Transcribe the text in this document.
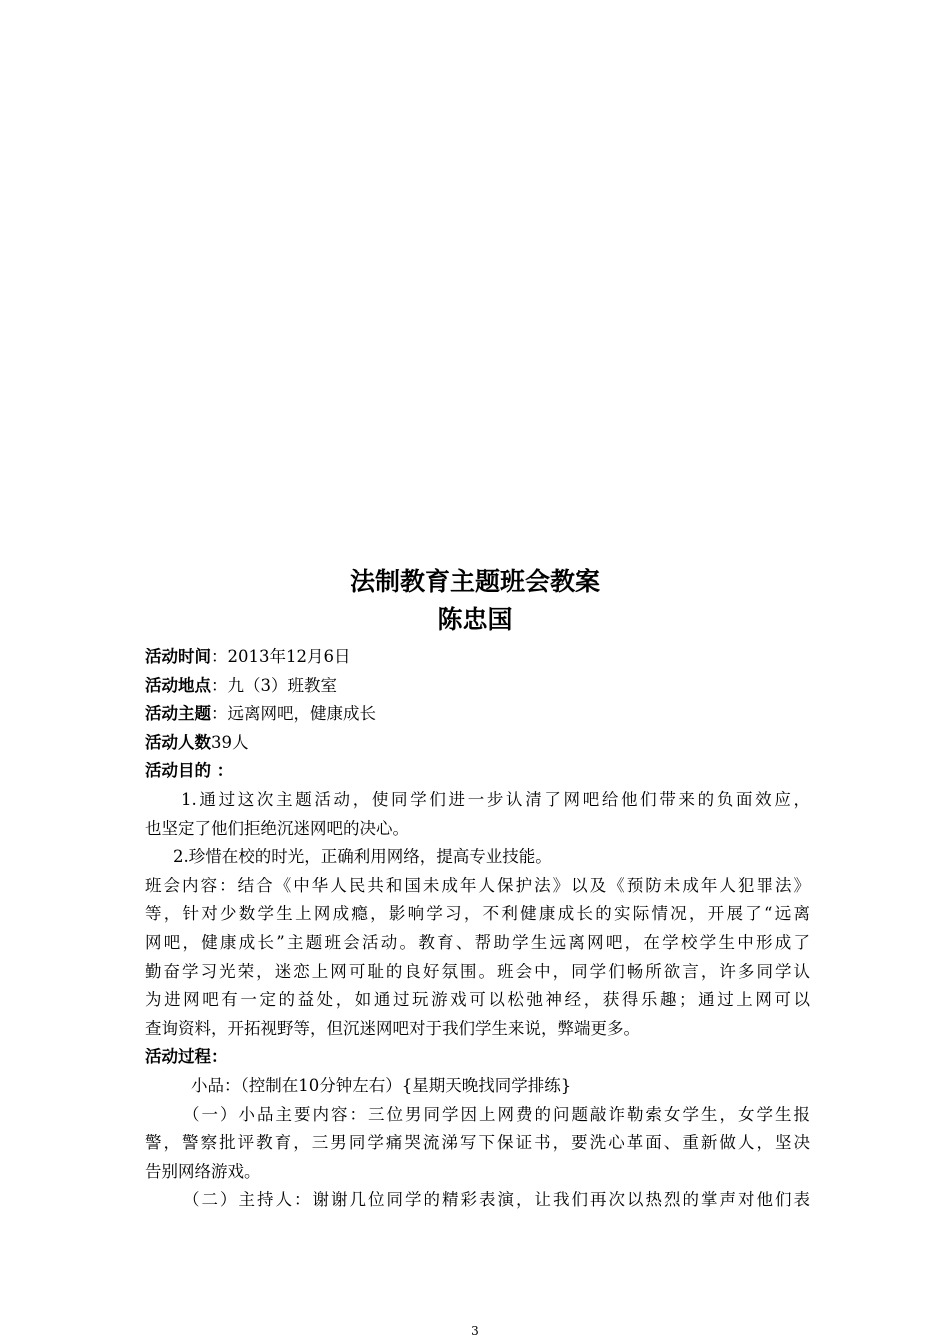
法制教育主题班会教案
陈忠国

活动时间：2013年12月6日

活动地点：九（3）班教室

活动主题：远离网吧，健康成长

活动人数39人

活动目的 ：

1.通过这次主题活动，使同学们进一步认清了网吧给他们带来的负面效应，

也坚定了他们拒绝沉迷网吧的决心。

2.珍惜在校的时光，正确利用网络，提高专业技能。

班会内容：结合《中华人民共和国未成年人保护法》以及《预防未成年人犯罪法》

等，针对少数学生上网成瘾，影响学习，不利健康成长的实际情况，开展了“远离

网吧，健康成长”主题班会活动。教育、帮助学生远离网吧，在学校学生中形成了

勤奋学习光荣，迷恋上网可耻的良好氛围。班会中，同学们畅所欲言，许多同学认

为进网吧有一定的益处，如通过玩游戏可以松弛神经，获得乐趣；通过上网可以

查询资料，开拓视野等，但沉迷网吧对于我们学生来说，弊端更多。

活动过程：

小品：（控制在10分钟左右）{星期天晚找同学排练}

（一）小品主要内容：三位男同学因上网费的问题敲诈勒索女学生，女学生报

警，警察批评教育，三男同学痛哭流涕写下保证书，要洗心革面、重新做人，坚决

告别网络游戏。

（二）主持人：谢谢几位同学的精彩表演，让我们再次以热烈的掌声对他们表

3
